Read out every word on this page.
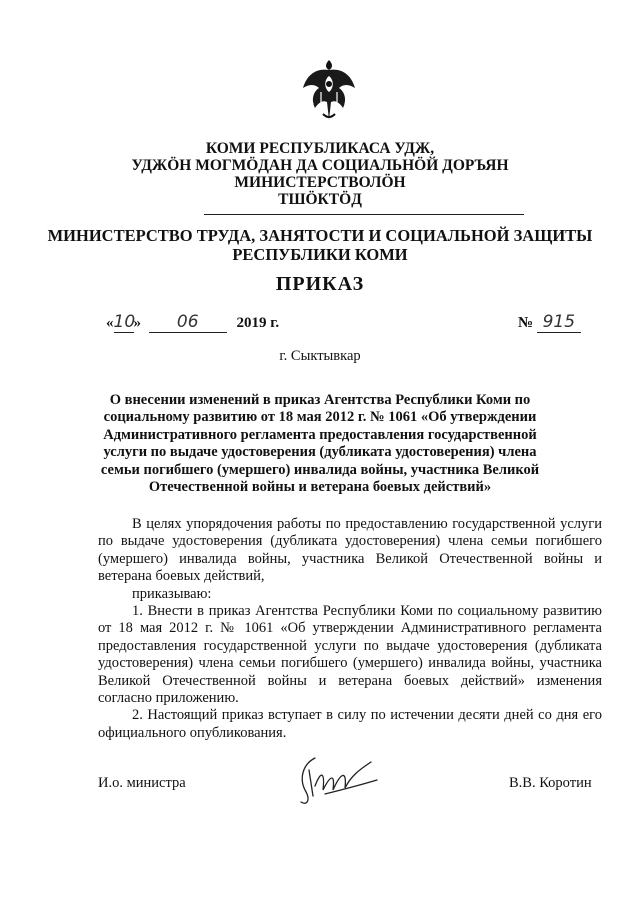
КОМИ РЕСПУБЛИКАСА УДЖ,
УДЖÖН МОГМÖДАН ДА СОЦИАЛЬНÖЙ ДОРЪЯН
МИНИСТЕРСТВОЛÖН
ТШÖКТÖД
МИНИСТЕРСТВО ТРУДА, ЗАНЯТОСТИ И СОЦИАЛЬНОЙ ЗАЩИТЫ
РЕСПУБЛИКИ КОМИ
ПРИКАЗ
«10» 06	2019 г.	№ 915
г. Сыктывкар
О внесении изменений в приказ Агентства Республики Коми по социальному развитию от 18 мая 2012 г. № 1061 «Об утверждении Административного регламента предоставления государственной услуги по выдаче удостоверения (дубликата удостоверения) члена семьи погибшего (умершего) инвалида войны, участника Великой Отечественной войны и ветерана боевых действий»

В целях упорядочения работы по предоставлению государственной услуги по выдаче удостоверения (дубликата удостоверения) члена семьи погибшего (умершего) инвалида войны, участника Великой Отечественной войны и ветерана боевых действий,

приказываю:

1. Внести в приказ Агентства Республики Коми по социальному развитию от 18 мая 2012 г. № 1061 «Об утверждении Административного регламента предоставления государственной услуги по выдаче удостоверения (дубликата удостоверения) члена семьи погибшего (умершего) инвалида войны, участника Великой Отечественной войны и ветерана боевых действий» изменения согласно приложению.

2. Настоящий приказ вступает в силу по истечении десяти дней со дня его официального опубликования.

И.о. министра	В.В. Коротин
